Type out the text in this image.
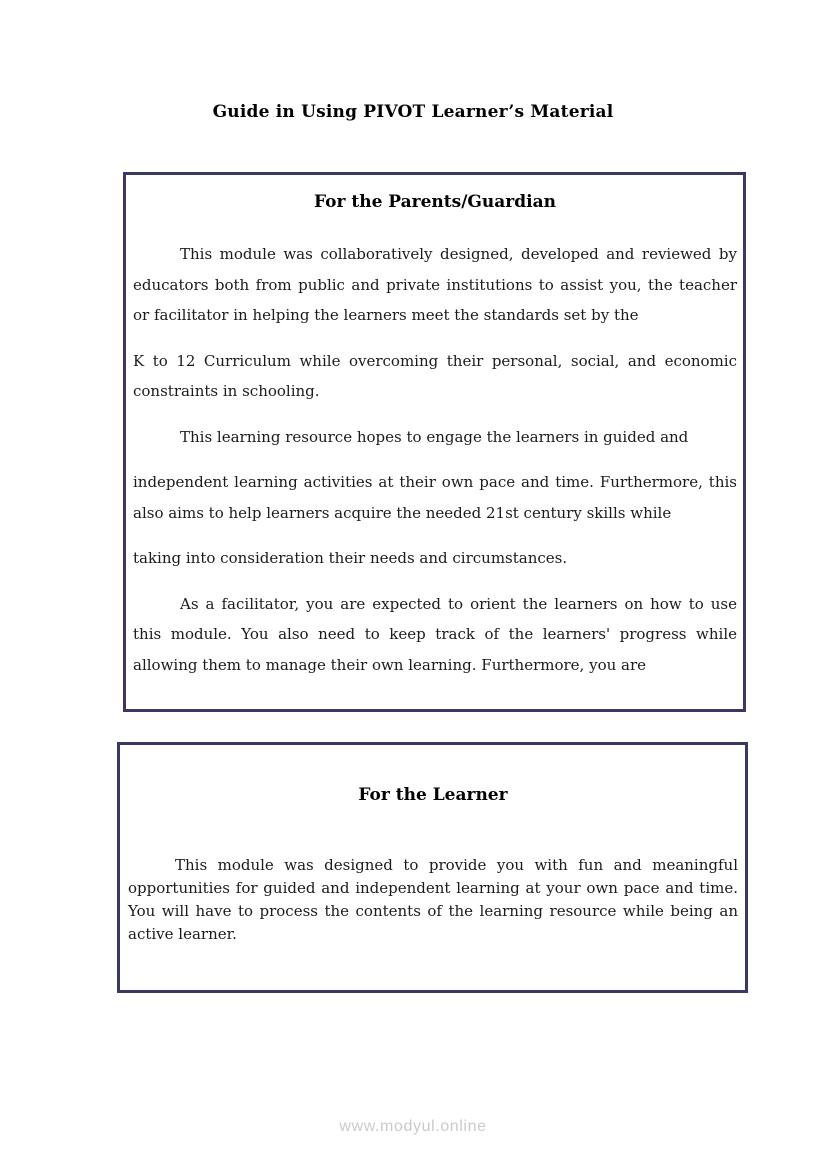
Guide in Using PIVOT Learner’s Material
For the Parents/Guardian

This module was collaboratively designed, developed and reviewed by educators both from public and private institutions to assist you, the teacher or facilitator in helping the learners meet the standards set by the

K to 12 Curriculum while overcoming their personal, social, and economic constraints in schooling.

This learning resource hopes to engage the learners in guided and

independent learning activities at their own pace and time. Furthermore, this also aims to help learners acquire the needed 21st century skills while

taking into consideration their needs and circumstances.

As a facilitator, you are expected to orient the learners on how to use this module. You also need to keep track of the learners' progress while allowing them to manage their own learning. Furthermore, you are

For the Learner

This module was designed to provide you with fun and meaningful opportunities for guided and independent learning at your own pace and time. You will have to process the contents of the learning resource while being an active learner.

www.modyul.online
